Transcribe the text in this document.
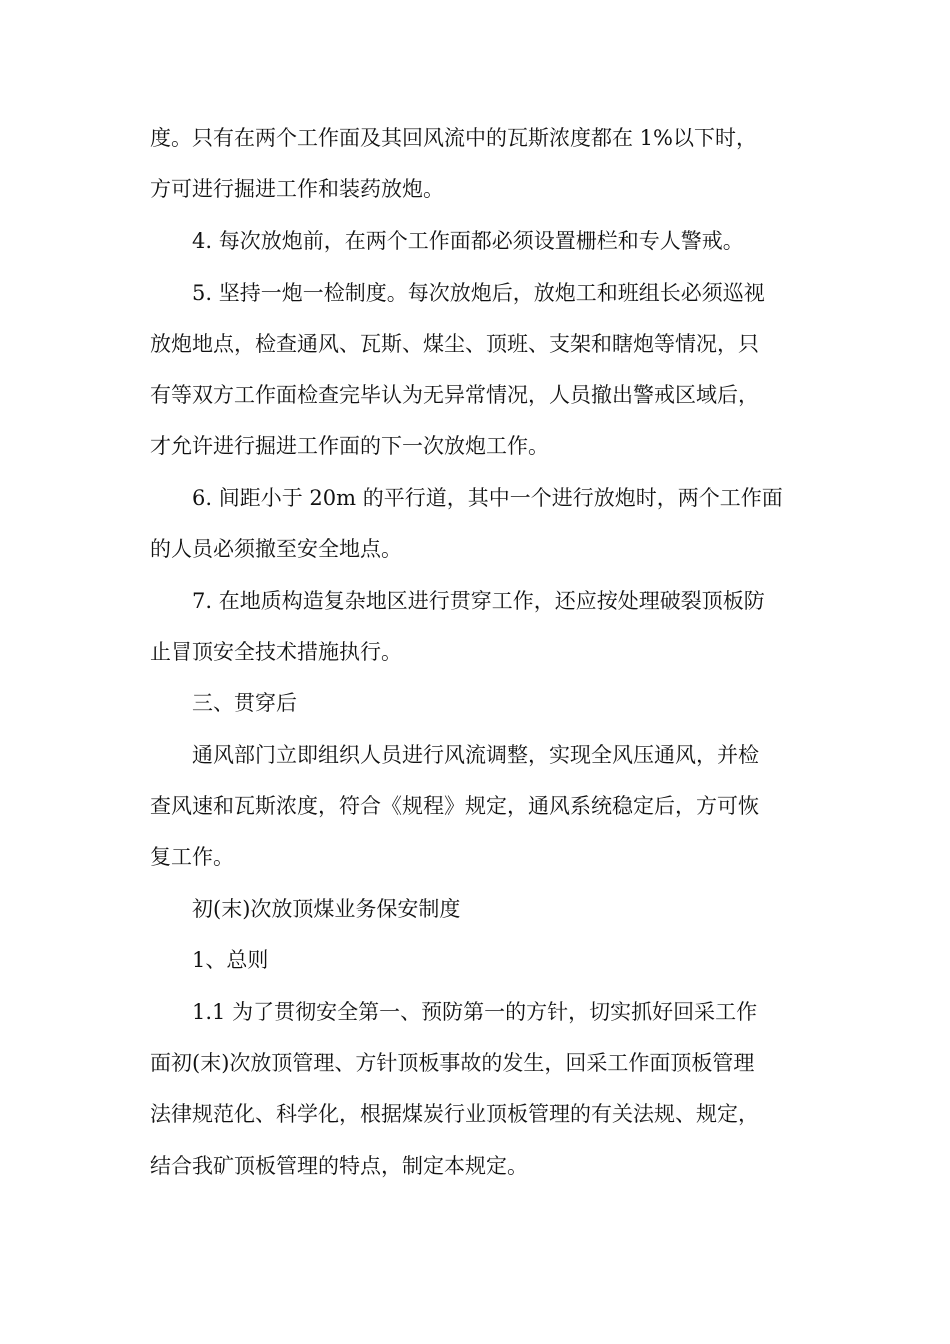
度。只有在两个工作面及其回风流中的瓦斯浓度都在 1%以下时，
方可进行掘进工作和装药放炮。
4. 每次放炮前，在两个工作面都必须设置栅栏和专人警戒。
5. 坚持一炮一检制度。每次放炮后，放炮工和班组长必须巡视
放炮地点，检查通风、瓦斯、煤尘、顶班、支架和瞎炮等情况，只
有等双方工作面检查完毕认为无异常情况，人员撤出警戒区域后，
才允许进行掘进工作面的下一次放炮工作。
6. 间距小于 20m 的平行道，其中一个进行放炮时，两个工作面
的人员必须撤至安全地点。
7. 在地质构造复杂地区进行贯穿工作，还应按处理破裂顶板防
止冒顶安全技术措施执行。
三、贯穿后
通风部门立即组织人员进行风流调整，实现全风压通风，并检
查风速和瓦斯浓度，符合《规程》规定，通风系统稳定后，方可恢
复工作。
初(末)次放顶煤业务保安制度
1、总则
1.1 为了贯彻安全第一、预防第一的方针，切实抓好回采工作
面初(末)次放顶管理、方针顶板事故的发生，回采工作面顶板管理
法律规范化、科学化，根据煤炭行业顶板管理的有关法规、规定，
结合我矿顶板管理的特点，制定本规定。
